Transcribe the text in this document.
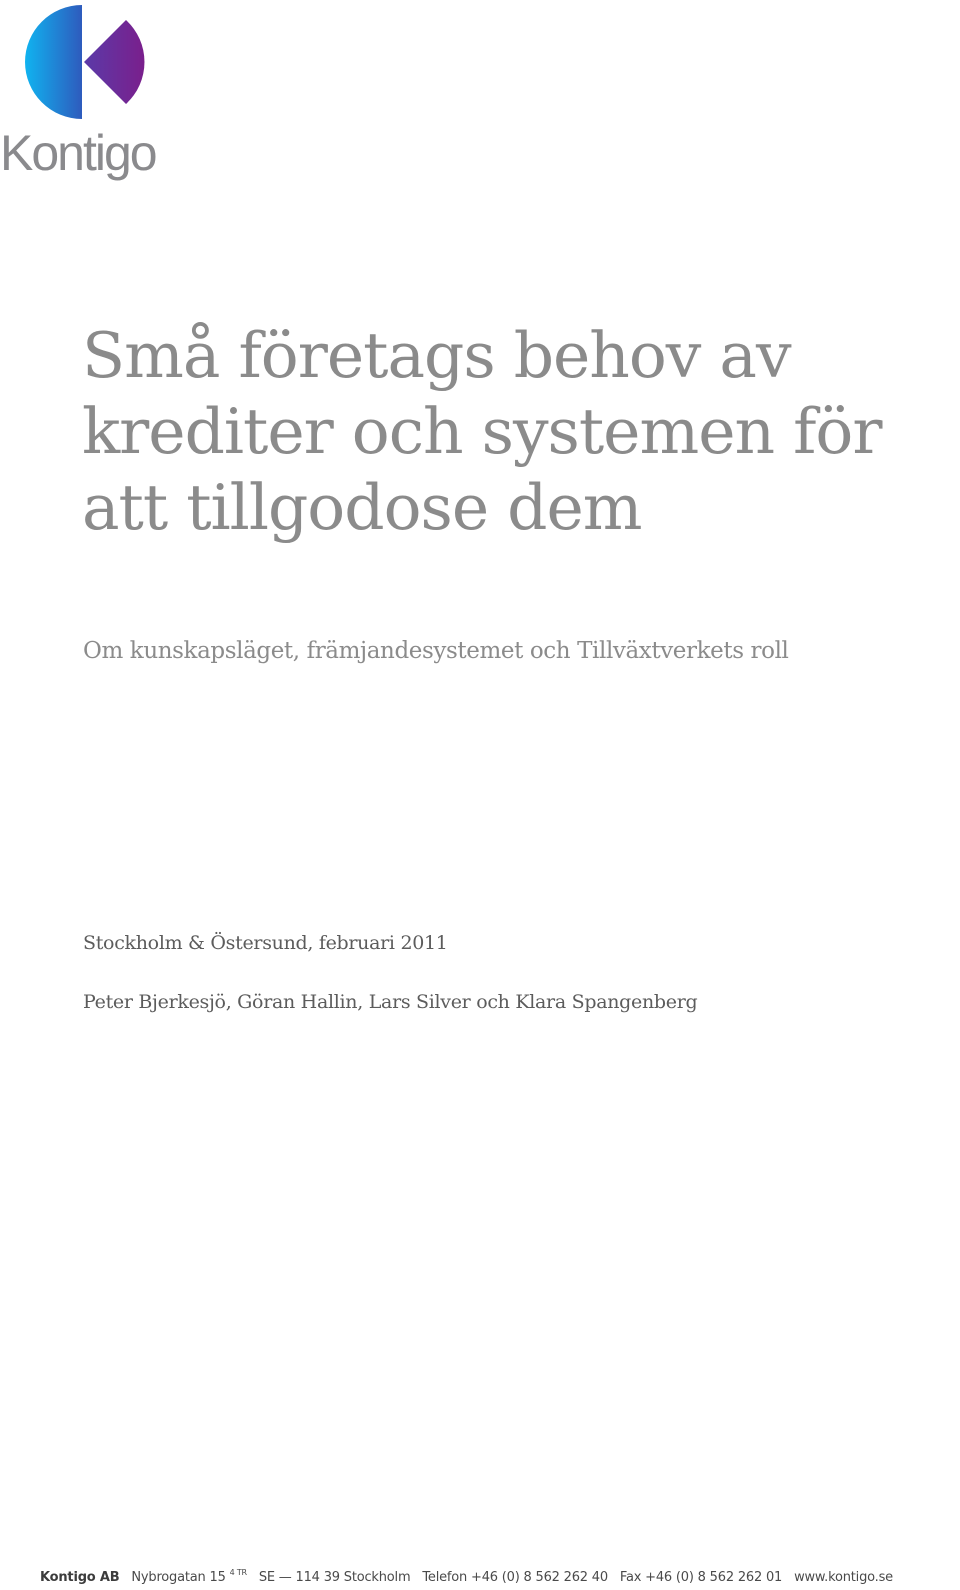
Kontigo
Små företags behov av
krediter och systemen för
att tillgodose dem

Om kunskapsläget, främjandesystemet och Tillväxtverkets roll

Stockholm & Östersund, februari 2011

Peter Bjerkesjö, Göran Hallin, Lars Silver och Klara Spangenberg

Kontigo AB Nybrogatan 15 $^{4 TR}$ SE — 114 39 Stockholm Telefon +46 (0) 8 562 262 40 Fax +46 (0) 8 562 262 01 www.kontigo.se
